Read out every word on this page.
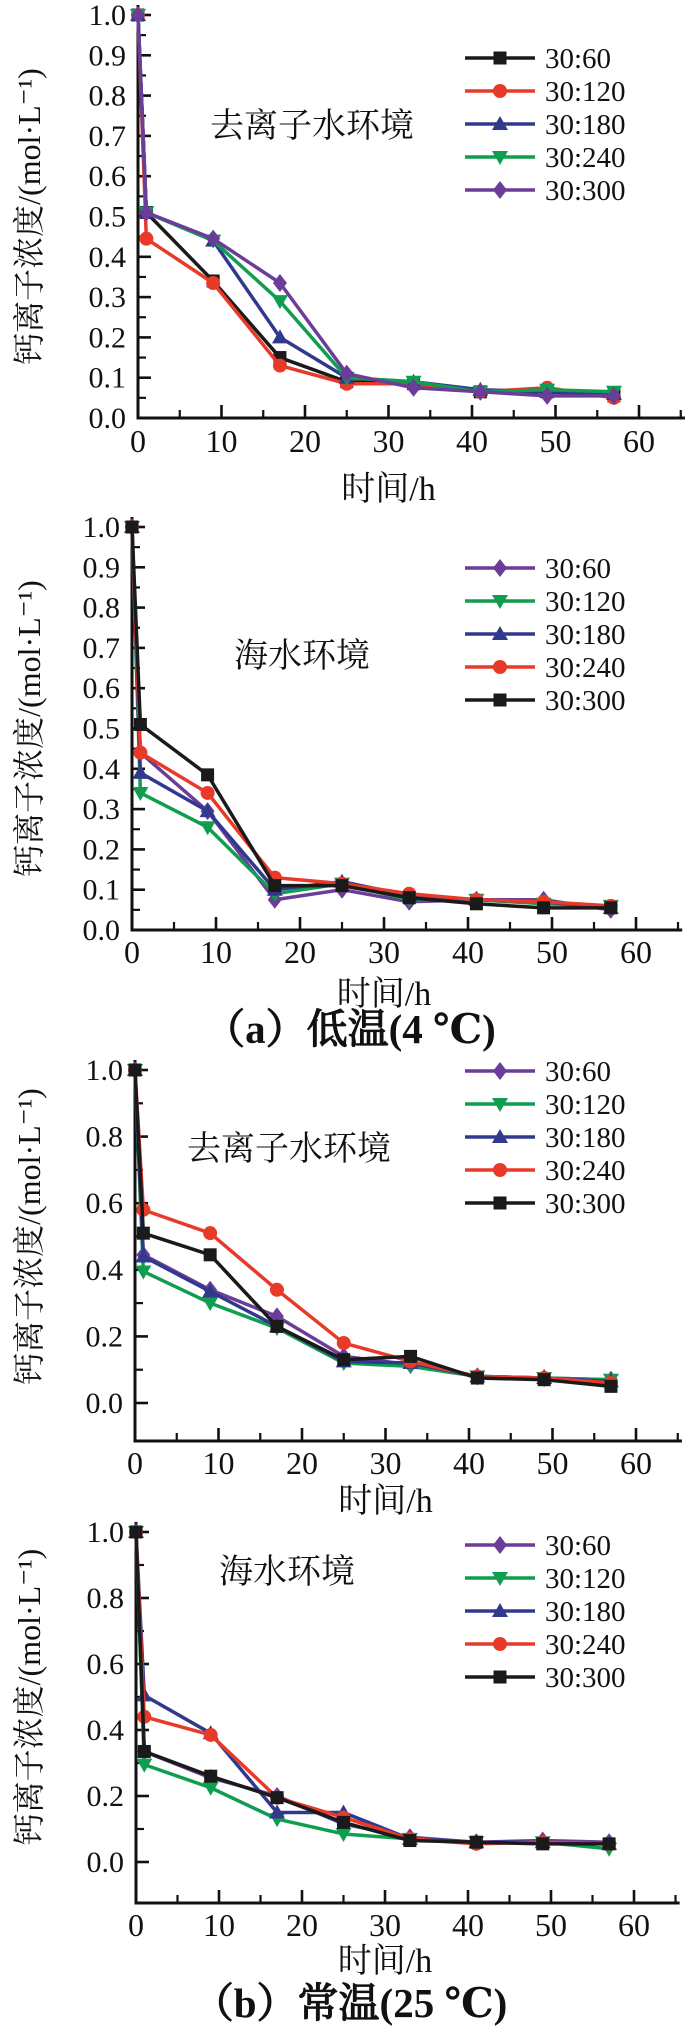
0.0
0.1
0.2
0.3
0.4
0.5
0.6
0.7
0.8
0.9
1.0
0 10 20 30 40 50 60
时间/h
钙离子浓度/(mol·L⁻¹)	去离子水环境
30:60
30:120
30:180
30:240
30:300
0.0
0.1
0.2
0.3
0.4
0.5
0.6
0.7
0.8
0.9
1.0
0 10 20 30 40 50 60
时间/h
钙离子浓度/(mol·L⁻¹)	海水环境
30:60
30:120
30:180
30:240
30:300
（a）低温(4 ℃)
0.0
0.2
0.4
0.6
0.8
1.0
0 10 20 30 40 50 60
时间/h
钙离子浓度/(mol·L⁻¹)	去离子水环境
30:60
30:120
30:180
30:240
30:300
0.0
0.2
0.4
0.6
0.8
1.0
0 10 20 30 40 50 60
时间/h
钙离子浓度/(mol·L⁻¹)	海水环境
30:60
30:120
30:180
30:240
30:300
（b）常温(25 ℃)
